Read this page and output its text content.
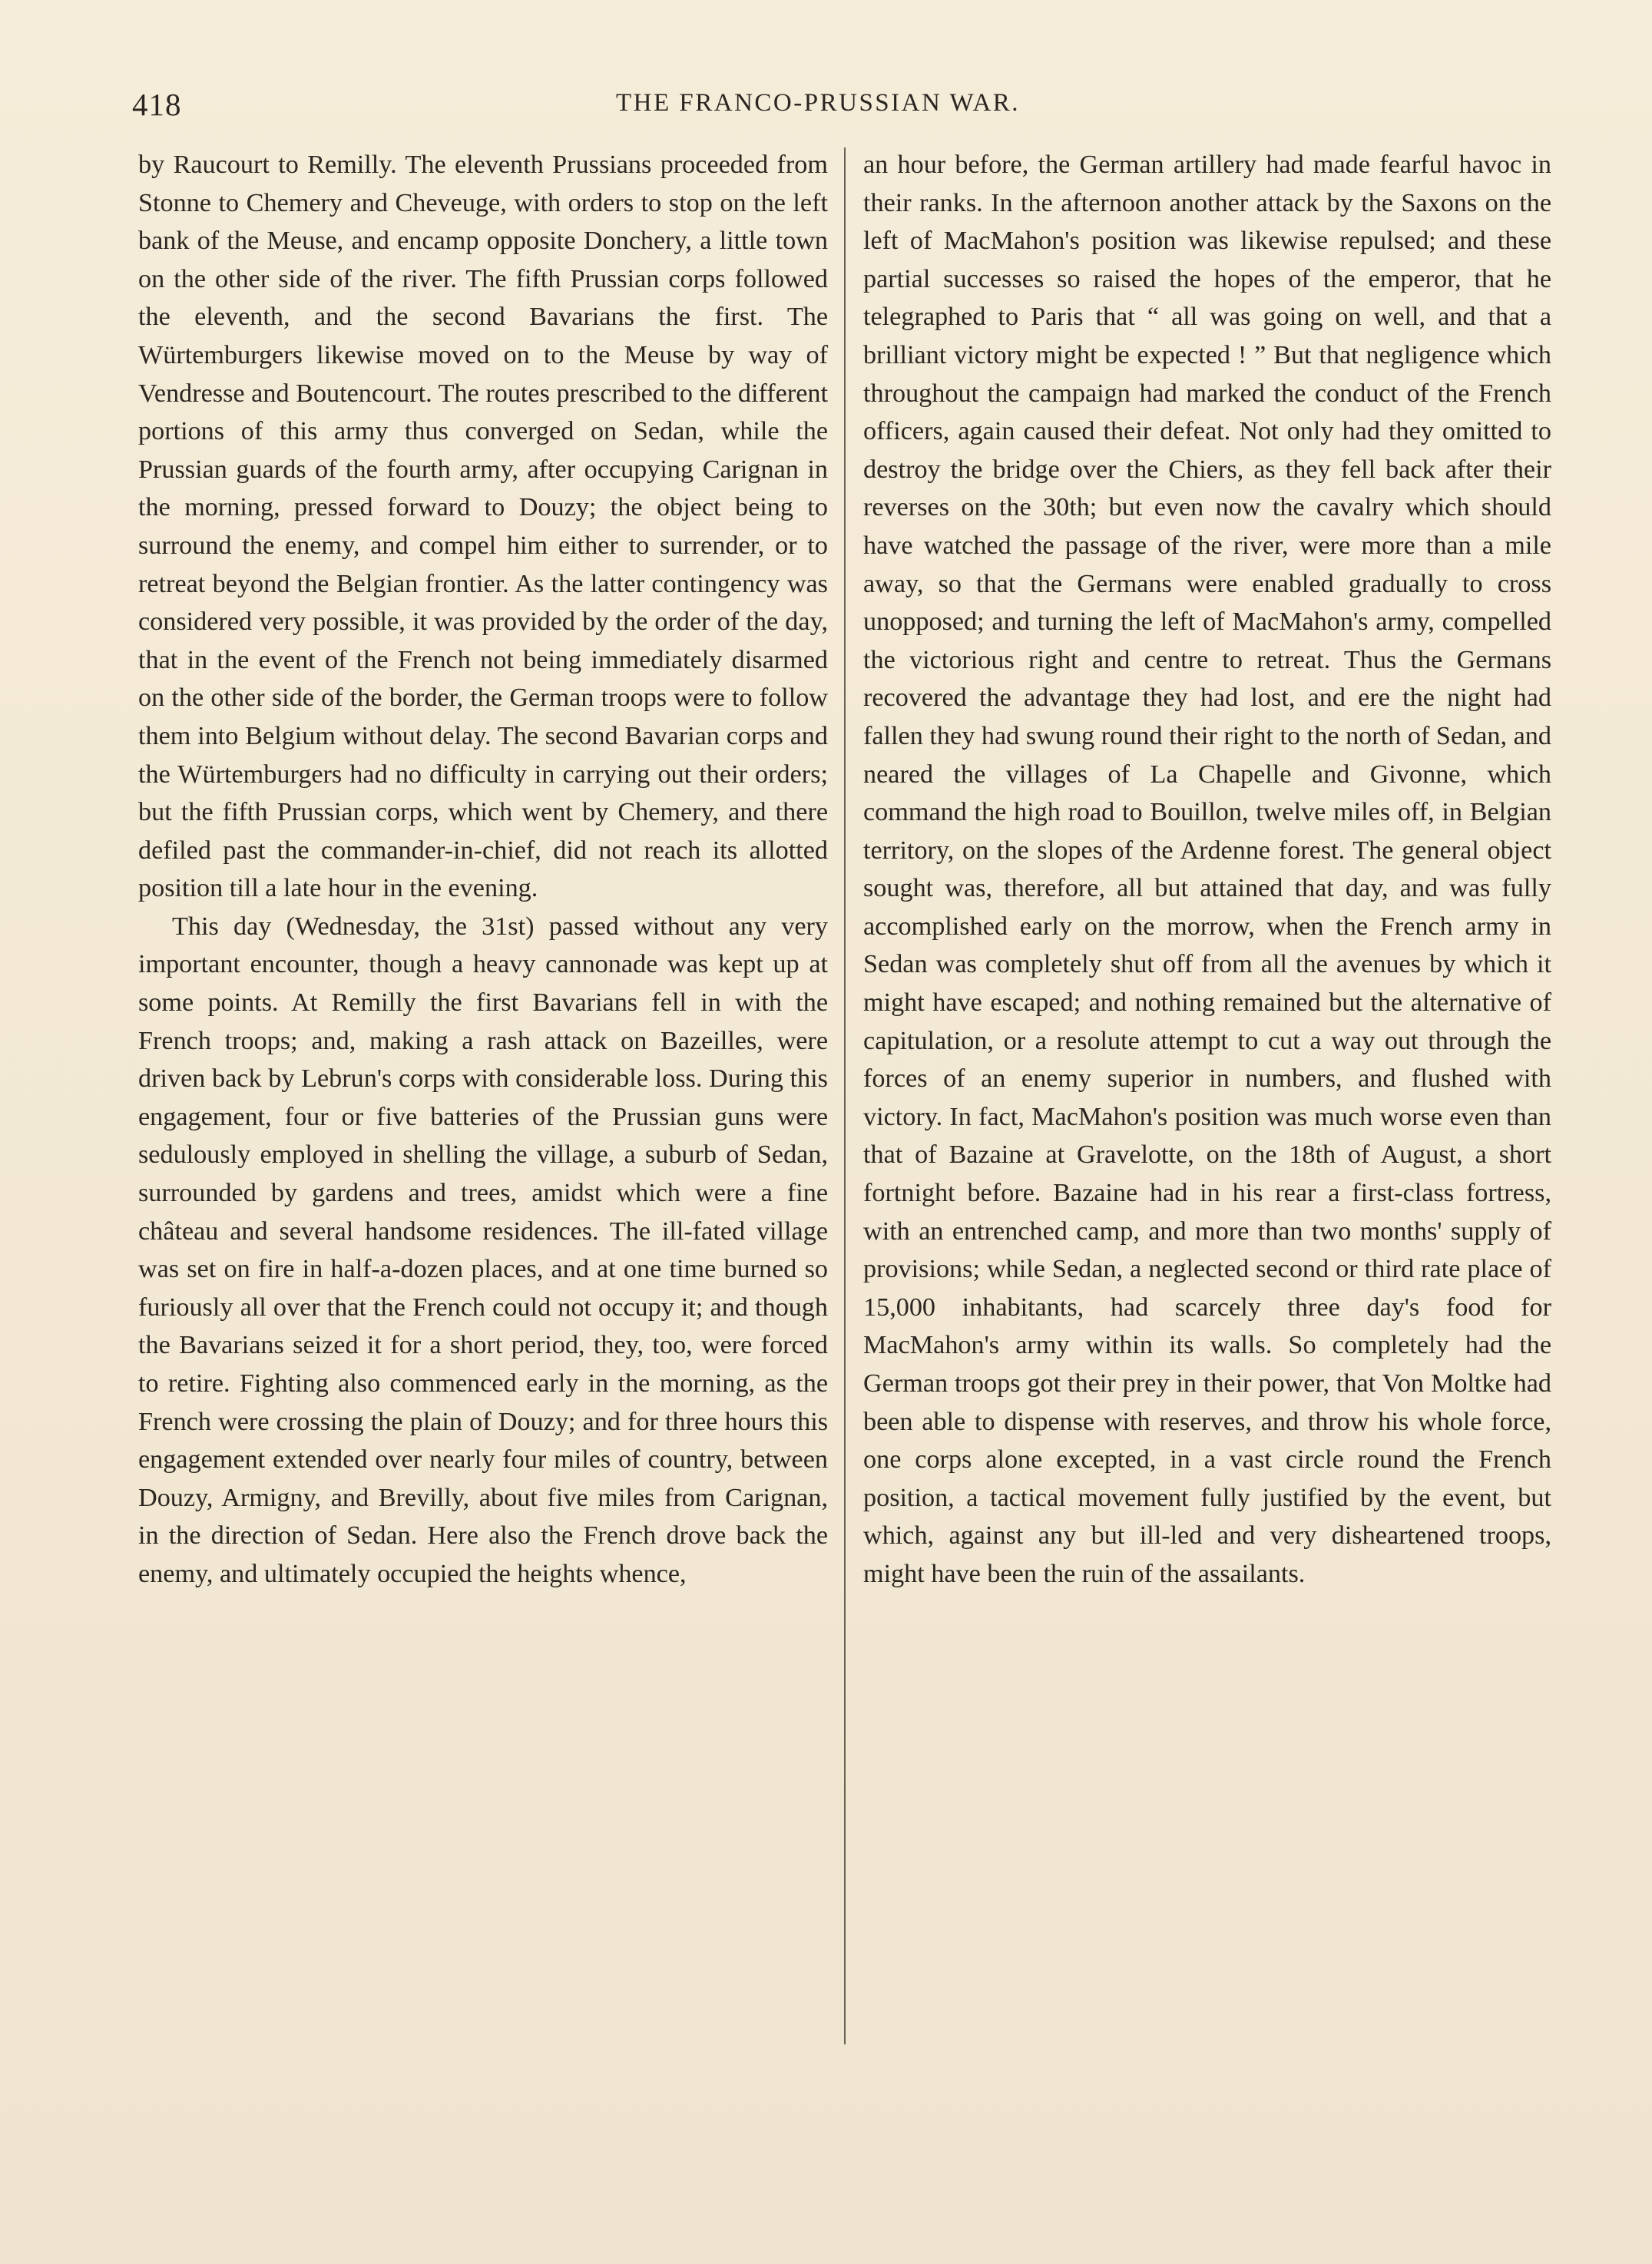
418	THE FRANCO-PRUSSIAN WAR.

by Raucourt to Remilly. The eleventh Prussians proceeded from Stonne to Chemery and Cheveuge, with orders to stop on the left bank of the Meuse, and encamp opposite Donchery, a little town on the other side of the river. The fifth Prussian corps followed the eleventh, and the second Bavarians the first. The Würtemburgers likewise moved on to the Meuse by way of Vendresse and Boutencourt. The routes prescribed to the different portions of this army thus converged on Sedan, while the Prussian guards of the fourth army, after occupying Carignan in the morning, pressed forward to Douzy; the object being to surround the enemy, and compel him either to surrender, or to retreat beyond the Belgian frontier. As the latter contingency was considered very possible, it was provided by the order of the day, that in the event of the French not being immediately disarmed on the other side of the border, the German troops were to follow them into Belgium without delay. The second Bavarian corps and the Würtemburgers had no difficulty in carrying out their orders; but the fifth Prussian corps, which went by Chemery, and there defiled past the commander-in-chief, did not reach its allotted position till a late hour in the evening.

This day (Wednesday, the 31st) passed without any very important encounter, though a heavy cannonade was kept up at some points. At Remilly the first Bavarians fell in with the French troops; and, making a rash attack on Bazeilles, were driven back by Lebrun's corps with considerable loss. During this engagement, four or five batteries of the Prussian guns were sedulously employed in shelling the village, a suburb of Sedan, surrounded by gardens and trees, amidst which were a fine château and several handsome residences. The ill-fated village was set on fire in half-a-dozen places, and at one time burned so furiously all over that the French could not occupy it; and though the Bavarians seized it for a short period, they, too, were forced to retire. Fighting also commenced early in the morning, as the French were crossing the plain of Douzy; and for three hours this engagement extended over nearly four miles of country, between Douzy, Armigny, and Brevilly, about five miles from Carignan, in the direction of Sedan. Here also the French drove back the enemy, and ultimately occupied the heights whence,

an hour before, the German artillery had made fearful havoc in their ranks. In the afternoon another attack by the Saxons on the left of MacMahon's position was likewise repulsed; and these partial successes so raised the hopes of the emperor, that he telegraphed to Paris that “ all was going on well, and that a brilliant victory might be expected ! ” But that negligence which throughout the campaign had marked the conduct of the French officers, again caused their defeat. Not only had they omitted to destroy the bridge over the Chiers, as they fell back after their reverses on the 30th; but even now the cavalry which should have watched the passage of the river, were more than a mile away, so that the Germans were enabled gradually to cross unopposed; and turning the left of MacMahon's army, compelled the victorious right and centre to retreat. Thus the Germans recovered the advantage they had lost, and ere the night had fallen they had swung round their right to the north of Sedan, and neared the villages of La Chapelle and Givonne, which command the high road to Bouillon, twelve miles off, in Belgian territory, on the slopes of the Ardenne forest. The general object sought was, therefore, all but attained that day, and was fully accomplished early on the morrow, when the French army in Sedan was completely shut off from all the avenues by which it might have escaped; and nothing remained but the alternative of capitulation, or a resolute attempt to cut a way out through the forces of an enemy superior in numbers, and flushed with victory. In fact, MacMahon's position was much worse even than that of Bazaine at Gravelotte, on the 18th of August, a short fortnight before. Bazaine had in his rear a first-class fortress, with an entrenched camp, and more than two months' supply of provisions; while Sedan, a neglected second or third rate place of 15,000 inhabitants, had scarcely three day's food for MacMahon's army within its walls. So completely had the German troops got their prey in their power, that Von Moltke had been able to dispense with reserves, and throw his whole force, one corps alone excepted, in a vast circle round the French position, a tactical movement fully justified by the event, but which, against any but ill-led and very disheartened troops, might have been the ruin of the assailants.
